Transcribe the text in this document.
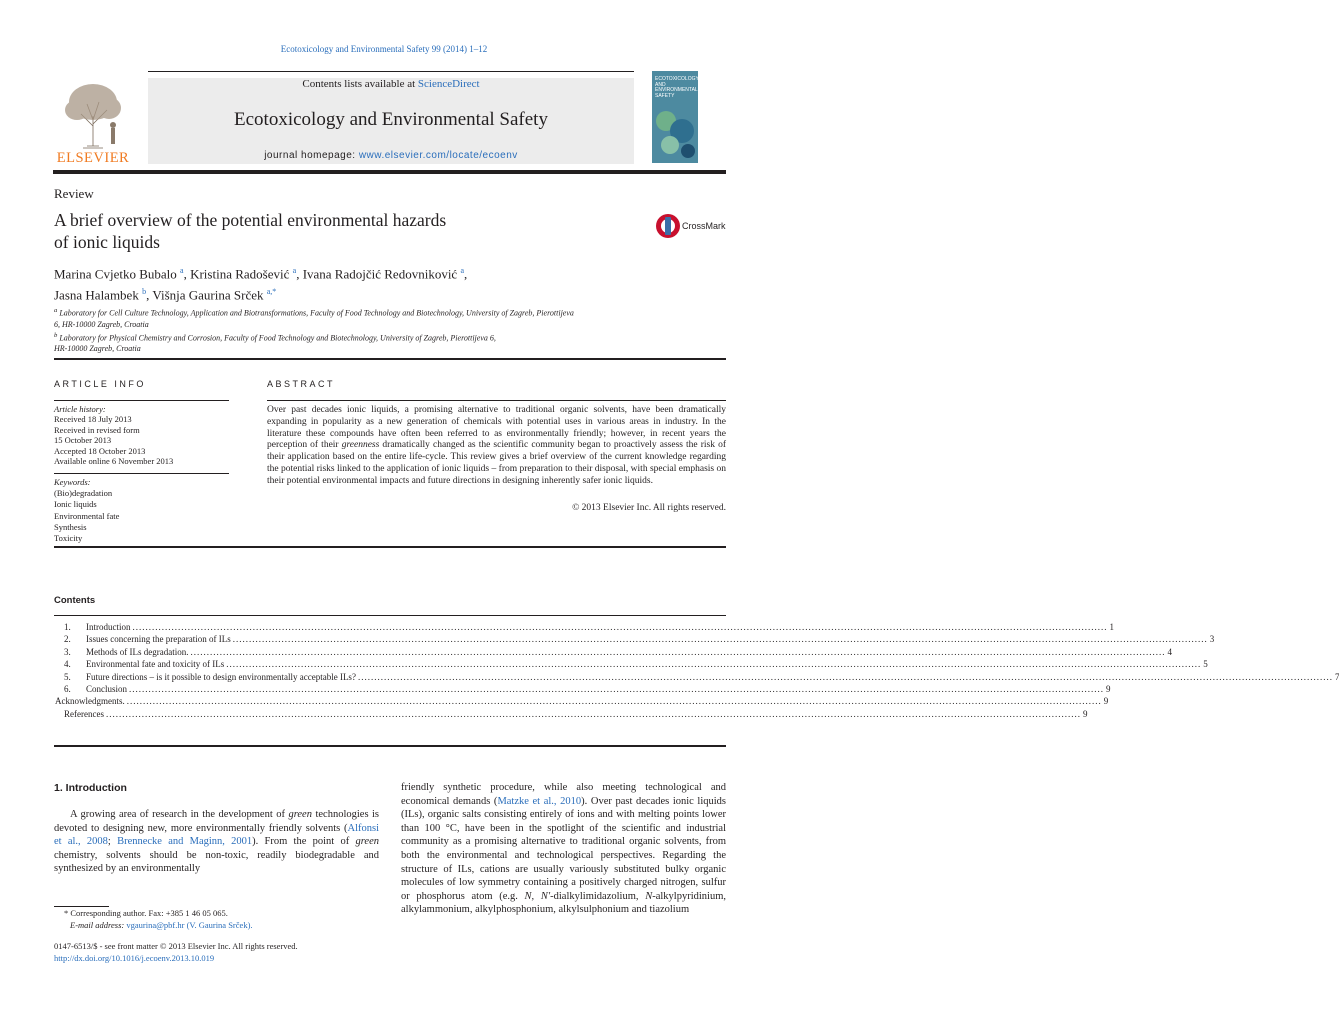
Ecotoxicology and Environmental Safety 99 (2014) 1–12
ELSEVIER
Contents lists available at ScienceDirect
Ecotoxicology and Environmental Safety
journal homepage: www.elsevier.com/locate/ecoenv
ECOTOXICOLOGY
AND
ENVIRONMENTAL
SAFETY
Review
A brief overview of the potential environmental hazards
of ionic liquids
CrossMark
Marina Cvjetko Bubalo $^a$, Kristina Radošević $^a$, Ivana Radojčić Redovniković $^a$,
Jasna Halambek $^b$, Višnja Gaurina Srček $^{a,*}$
$^a$ Laboratory for Cell Culture Technology, Application and Biotransformations, Faculty of Food Technology and Biotechnology, University of Zagreb, Pierottijeva
6, HR-10000 Zagreb, Croatia
$^b$ Laboratory for Physical Chemistry and Corrosion, Faculty of Food Technology and Biotechnology, University of Zagreb, Pierottijeva 6,
HR-10000 Zagreb, Croatia
ARTICLE INFO
Article history:
Received 18 July 2013
Received in revised form
15 October 2013
Accepted 18 October 2013
Available online 6 November 2013
Keywords:
(Bio)degradation
Ionic liquids
Environmental fate
Synthesis
Toxicity
ABSTRACT
Over past decades ionic liquids, a promising alternative to traditional organic solvents, have been dramatically expanding in popularity as a new generation of chemicals with potential uses in various areas in industry. In the literature these compounds have often been referred to as environmentally friendly; however, in recent years the perception of their greenness dramatically changed as the scientific community began to proactively assess the risk of their application based on the entire life-cycle. This review gives a brief overview of the current knowledge regarding the potential risks linked to the application of ionic liquids – from preparation to their disposal, with special emphasis on their potential environmental impacts and future directions in designing inherently safer ionic liquids.
© 2013 Elsevier Inc. All rights reserved.
Contents
1.	Introduction ............................................................................................................................................................................................................................................................................................................ 1
2.	Issues concerning the preparation of ILs ............................................................................................................................................................................................................................................................................................................ 3
3.	Methods of ILs degradation. ............................................................................................................................................................................................................................................................................................................ 4
4.	Environmental fate and toxicity of ILs ............................................................................................................................................................................................................................................................................................................ 5
5.	Future directions – is it possible to design environmentally acceptable ILs? ............................................................................................................................................................................................................................................................................................................ 7
6.	Conclusion ............................................................................................................................................................................................................................................................................................................ 9
Acknowledgments. ............................................................................................................................................................................................................................................................................................................ 9
References ............................................................................................................................................................................................................................................................................................................ 9
1. Introduction
A growing area of research in the development of green technologies is devoted to designing new, more environmentally friendly solvents (Alfonsi et al., 2008; Brennecke and Maginn, 2001). From the point of green chemistry, solvents should be non-toxic, readily biodegradable and synthesized by an environmentally
friendly synthetic procedure, while also meeting technological and economical demands (Matzke et al., 2010). Over past decades ionic liquids (ILs), organic salts consisting entirely of ions and with melting points lower than 100 °C, have been in the spotlight of the scientific and industrial community as a promising alternative to traditional organic solvents, from both the environmental and technological perspectives. Regarding the structure of ILs, cations are usually variously substituted bulky organic molecules of low symmetry containing a positively charged nitrogen, sulfur or phosphorus atom (e.g. N, N′-dialkylimidazolium, N-alkylpyridinium, alkylammonium, alkylphosphonium, alkylsulphonium and tiazolium
* Corresponding author. Fax: +385 1 46 05 065.
E-mail address: vgaurina@pbf.hr (V. Gaurina Srček).
0147-6513/$ - see front matter © 2013 Elsevier Inc. All rights reserved.
http://dx.doi.org/10.1016/j.ecoenv.2013.10.019
